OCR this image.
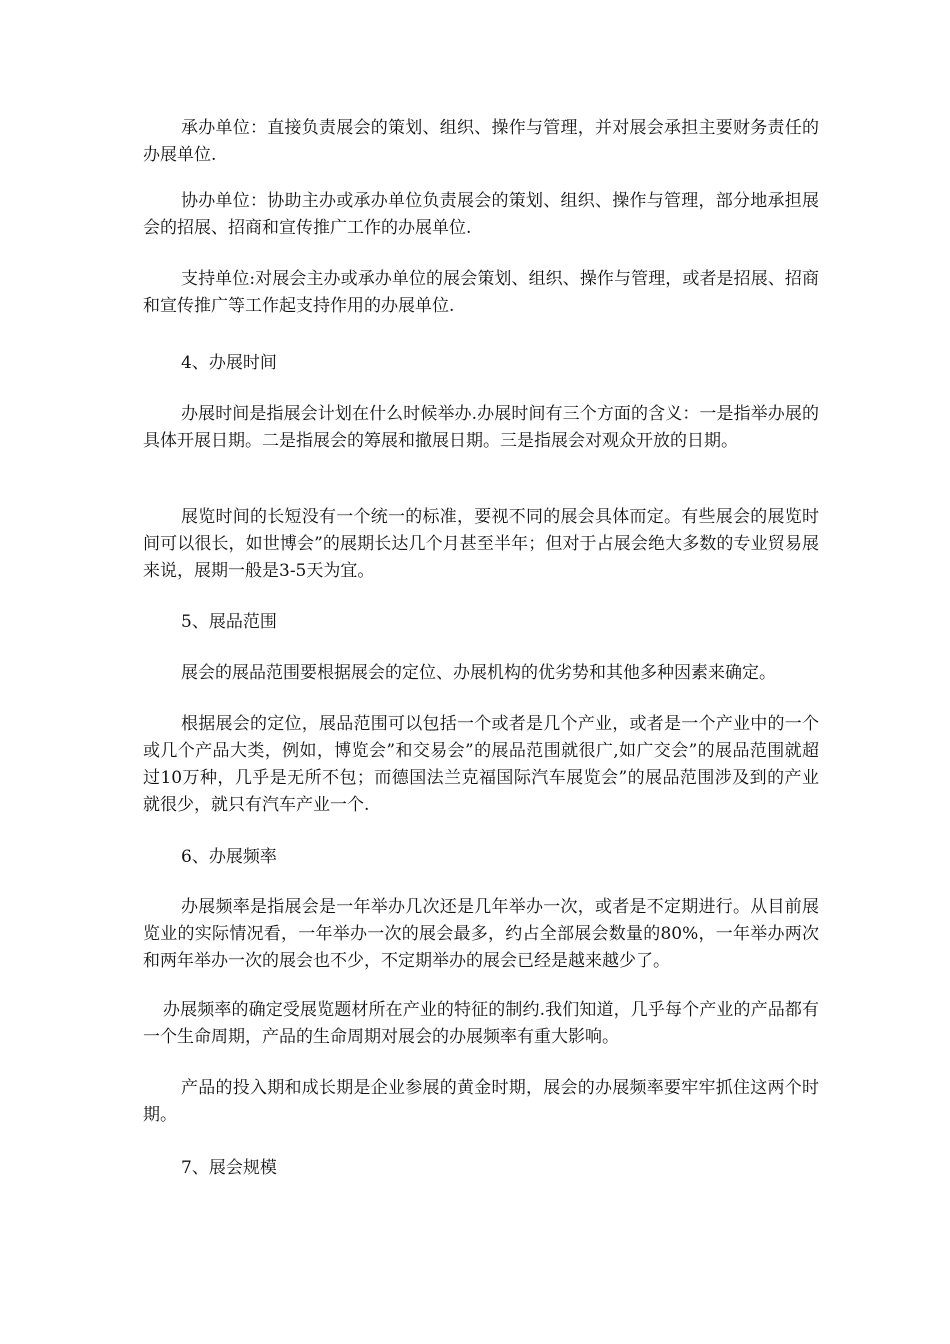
承办单位：直接负责展会的策划、组织、操作与管理，并对展会承担主要财务责任的办展单位.

协办单位：协助主办或承办单位负责展会的策划、组织、操作与管理，部分地承担展会的招展、招商和宣传推广工作的办展单位.

支持单位:对展会主办或承办单位的展会策划、组织、操作与管理，或者是招展、招商和宣传推广等工作起支持作用的办展单位.

4、办展时间

办展时间是指展会计划在什么时候举办.办展时间有三个方面的含义：一是指举办展的具体开展日期。二是指展会的筹展和撤展日期。三是指展会对观众开放的日期。

展览时间的长短没有一个统一的标准，要视不同的展会具体而定。有些展会的展览时间可以很长，如世博会”的展期长达几个月甚至半年；但对于占展会绝大多数的专业贸易展来说，展期一般是3-5天为宜。

5、展品范围

展会的展品范围要根据展会的定位、办展机构的优劣势和其他多种因素来确定。

根据展会的定位，展品范围可以包括一个或者是几个产业，或者是一个产业中的一个或几个产品大类，例如，博览会”和交易会”的展品范围就很广,如广交会”的展品范围就超过10万种，几乎是无所不包；而德国法兰克福国际汽车展览会”的展品范围涉及到的产业就很少，就只有汽车产业一个.

6、办展频率

办展频率是指展会是一年举办几次还是几年举办一次，或者是不定期进行。从目前展览业的实际情况看，一年举办一次的展会最多，约占全部展会数量的80%，一年举办两次和两年举办一次的展会也不少，不定期举办的展会已经是越来越少了。

办展频率的确定受展览题材所在产业的特征的制约.我们知道，几乎每个产业的产品都有一个生命周期，产品的生命周期对展会的办展频率有重大影响。

产品的投入期和成长期是企业参展的黄金时期，展会的办展频率要牢牢抓住这两个时期。

7、展会规模
